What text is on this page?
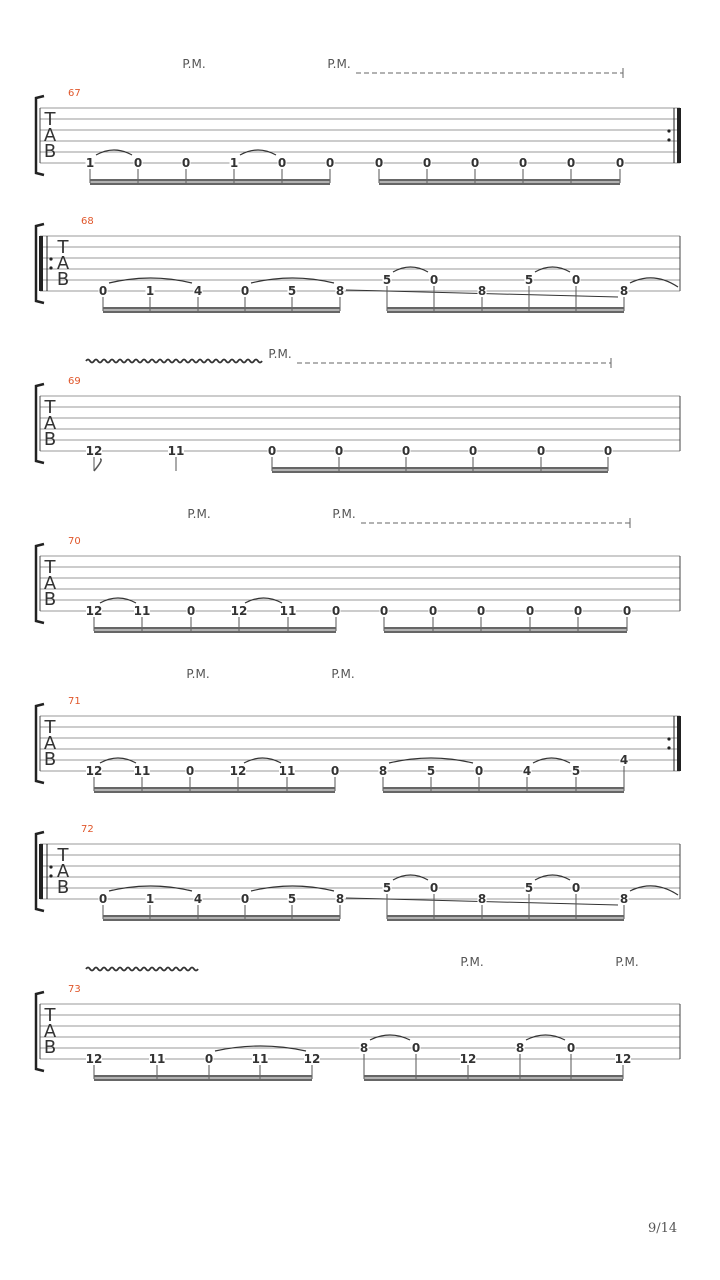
T
A
B
67
P.M.	P.M.
1	0	0	1	0	0	0	0	0	0	0	0
T
A
B
68
0	1	4	0	5	8
5	0
8
5	0
8
T
A
B
69
P.M.
12	11	0	0	0	0	0	0
T
A
B
70
P.M.	P.M.
12	11	0	12	11	0	0	0	0	0	0	0
T
A
B
71
P.M.	P.M.
12	11	0	12	11	0	8	5	0	4	5
4
T
A
B
72
0	1	4	0	5	8
5	0
8
5	0
8
T
A
B
73
P.M.	P.M.
12	11	0	11	12
8	0
12
8	0
12
9/14
